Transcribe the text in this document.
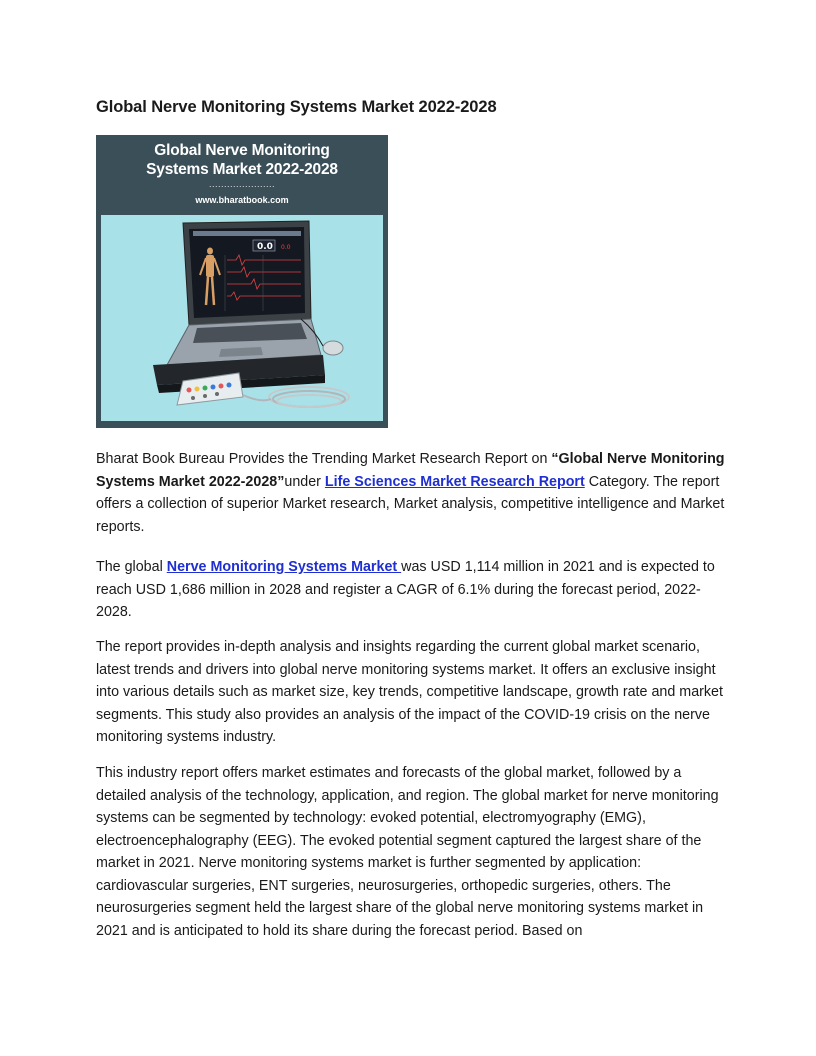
Global Nerve Monitoring Systems Market 2022-2028
Global Nerve Monitoring
Systems Market 2022-2028
......................
www.bharatbook.com
0.0 0.0

Bharat Book Bureau Provides the Trending Market Research Report on “Global Nerve Monitoring Systems Market 2022-2028”under Life Sciences Market Research Report Category. The report offers a collection of superior Market research, Market analysis, competitive intelligence and Market reports.

The global Nerve Monitoring Systems Market was USD 1,114 million in 2021 and is expected to reach USD 1,686 million in 2028 and register a CAGR of 6.1% during the forecast period, 2022-2028.

The report provides in-depth analysis and insights regarding the current global market scenario, latest trends and drivers into global nerve monitoring systems market. It offers an exclusive insight into various details such as market size, key trends, competitive landscape, growth rate and market segments. This study also provides an analysis of the impact of the COVID-19 crisis on the nerve monitoring systems industry.

This industry report offers market estimates and forecasts of the global market, followed by a detailed analysis of the technology, application, and region. The global market for nerve monitoring systems can be segmented by technology: evoked potential, electromyography (EMG), electroencephalography (EEG). The evoked potential segment captured the largest share of the market in 2021. Nerve monitoring systems market is further segmented by application: cardiovascular surgeries, ENT surgeries, neurosurgeries, orthopedic surgeries, others. The neurosurgeries segment held the largest share of the global nerve monitoring systems market in 2021 and is anticipated to hold its share during the forecast period. Based on
